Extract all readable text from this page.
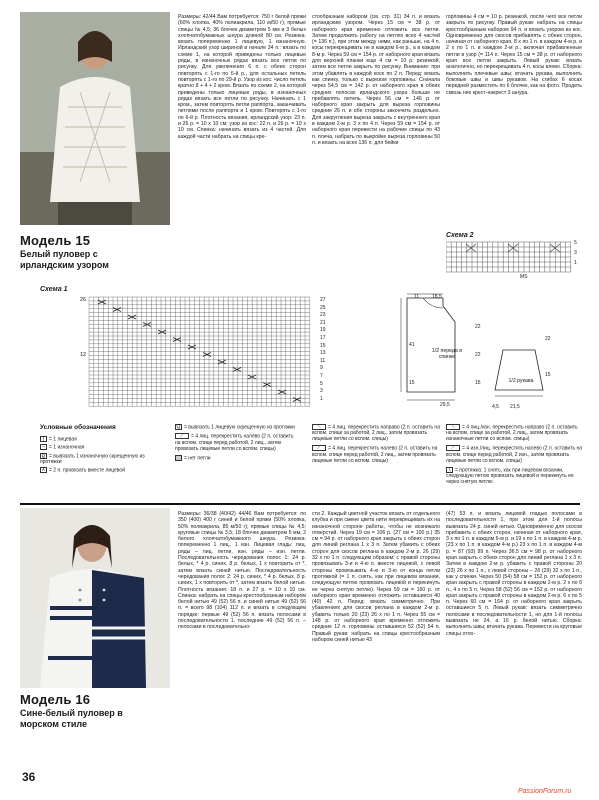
Модель 15
Белый пуловер с ирландским узором
Размеры: 42/44 Вам потребуется: 750 г белой пряжи (60% хлопка, 40% полиакрила, 110 м/50 г); прямые спицы № 4,5; 36 блочек диаметром 5 мм и 3 белых хлопчатобумажных шнура длиной 80 см. Резинка: вязать попеременно 1 лицевую, 1 изнаночную. Ирландский узор шириной в начале 34 п.: вязать по схеме 1, на которой приведены только лицевые ряды, в изнаночных рядах вязать все петли по рисунку. Для увеличения 6 п. с обеих сторон повторять с 1-го по 6-й р., для остальных петель повторять с 1-го по 29-й р. Узор из кос: число петель кратно 8 + 4 + 2 кром. Вязать по схеме 2, на которой приведены только лицевые ряды, в изнаночных рядах вязать все петли по рисунку. Начинать с 1 кром., затем повторять петли раппорта, заканчивать петлями после раппорта и 1 кром. Повторять с 1-го по 6-й р. Плотность вязания, ирландский узор: 23 п. и 26 р. = 10 х 10 см; узор из кос: 22 п. и 26 р. = 10 х 10 см. Спинка: начинать вязать из 4 частей. Для каждой части набрать на спицы кре-
стообразным набором (см. стр. 31) 34 п. и вязать ирландским узором. Через 15 см = 38 р. от наборного края временно отложить все петли. Затем продолжить работу на петлях всех 4 частей (= 136 п.), при этом между ними, как раньше, на 4 п. косы перекрещивать не в каждом 6-м р., а в каждом 8-м р. Через 59 см = 154 р. от наборного края вязать для верхней планки еще 4 см = 10 р. резинкой, затем все петли закрыть по рисунку. Внимание: при этом убавлять в каждой косе по 2 п. Перед: вязать как спинку, только с вырезом горловины. Сначала через 54,5 см = 142 р. от наборного края в обеих средних полосах ирландского узора больше не прибавлять петель. Через 56 см = 146 р. от наборного края закрыть для выреза горловины средние 26 п. и обе стороны закончить раздельно. Для закругления выреза закрыть с внутреннего края в каждом 2-м р. 3 х по 4 п. Через 59 см = 154 р. от наборного края перевести на рабочие спицы по 43 п. плеча, набрать по выкройке выреза горловины 50 п. и вязать на всех 136 п. для бейки
горловины 4 см = 10 р. резинкой, после чего все петли закрыть по рисунку. Правый рукав: набрать на спицы крестообразным набором 94 п. и вязать узором из кос. Одновременно для скосов прибавлять с обеих сторон, начиная от наборного края, 8 х по 1 п. в каждом 4-м р. и 2 х по 1 п. в каждом 2-м р., включая прибавленные петли в узор (= 114 п. Через 15 см = 38 р. от наборного края все петли закрыть. Левый рукав: вязать аналогично, но перекрещивать 4 п. косы влево. Сборка: выполнить плечевые швы; втачать рукава, выполнить боковые швы и швы рукавов. На сгибах 6 косах передней разместить по 6 блочек, как на фото. Продеть сквозь них крест-накрест 3 шнура.
Схема 2
5
3
1
MS
Схема 1
26
12
27
25
23
21
19
17
15
13
11
9
7
5
3
1
11	18,5
22
22
15
41
15
29,5
22
15
4,5 21,5
1/2 переда и спинки
1/2 рукава
Условные обозначения
| = 1 лицевая
– = 1 изнаночная
ϱ = вывязать 1 изнаночную скрещенную из протяжки
∧ = 2 п. провязать вместе лицевой
Q = вывязать 1 лицевую скрещенную из протяжки
⟋ = 4 лиц. перекрестить налево (2 п. оставить на вспом. спице перед работой, 2 лиц., затем провязать лицевые петли со вспом. спицы)
= нет петли
⟍ = 4 лиц. перекрестить направо (2 п. оставить на вспом. спице за работой, 2 лиц., затем провязать лицевые петли со вспом. спицы)
⟋ = 4 лиц. перекрестить налево (2 п. оставить на вспом. спице перед работой, 2 лиц., затем провязать лицевые петли со вспом. спицы)
⟍ = 4 лиц./изн. перекрестить направо (2 п. оставить на вспом. спице за работой, 2 лиц., затем провязать изнаночные петли со вспом. спицы)
⟋ = 4 изн./лиц. перекрестить налево (2 п. оставить на вспом. спице перед работой, 2 изн., затем провязать лицевые петли со вспом. спицы)
∖ = протяжка: 1 снять, как при лицевом вязании, следующую петлю провязать лицевой и перекинуть ее через снятую петлю
Модель 16
Сине-белый пуловер в морском стиле
Размеры: 36/38 (40/42) 44/46 Вам потребуется: по 350 (400) 400 г синей и белой пряжи (50% хлопка, 50% полиакрила, 85 м/50 г); прямые спицы № 4,5; круговые спицы № 3,5; 18 блочек диаметром 5 мм, 2 белого хлопчатобумажного шнура. Резинка: попеременно 1 лиц., 1 изн. Лицевая гладь: лиц. ряды – лиц. петли, изн. ряды – изн. петли. Последовательность чередования полос 1: 24 р. белых, * 4 р. синих, 8 р. белых, 1 х повторить от *, затем вязать синей нитью. Последовательность чередования полос 2: 24 р. синих, * 4 р. белых, 8 р. синих, 1 х повторить от *, затем вязать белой нитью. Плотность вязания: 18 п. и 27 р. = 10 х 10 см. Спинка: набрать на спицы крестообразным набором белой нитью 49 (52) 56 п. и синей нитью 49 (52) 56 п. = всего 98 (104) 112 п. и вязать в следующем порядке: первые 49 (52) 56 п. вязать полосами в последовательности 1, последние 49 (52) 56 п. – полосами в последовательно-
сти 2. Каждый цветной участок вязать от отдельного клубка и при смене цвета нити перекрещивать их на изнаночной стороне работы, чтобы не возникало отверстий. Через 19 см = 106 р. (27 см = 100 р.) 35 см = 94 р. от наборного края закрыть с обеих сторон для линий реглана 1 х 3 п. Затем убавить с обеих сторон для скосов реглана в каждом 2-м р. 26 (29) 32 х по 1 п. следующим образом: с правой стороны провязывать 3-и и 4-ю п. вместе лицевой, с левой стороны провязывать 4-ю и 3-ю от конца петли протяжкой (= 1 п. снять, как при лицевом вязании, следующую петлю провязать лицевой и перекинуть ее через снятую петлю). Через 59 см = 160 р. от наборного края временно отложить оставшиеся 40 (40) 42 п. Перед: вязать симметрично. При убавлениях для скосов реглана в каждом 2-м р. убавить только 20 (23) 26 х по 1 п. Через 55 см = 148 р. от наборного края временно отложить средние 12 п. горловины оставшиеся 52 (52) 54 п. Правый рукав: набрать на спицы крестообразным набором синей нитью 43
(47) 53 п. и вязать лицевой гладью полосами в последовательности 1, при этом для 1-й полосы вывязать 24 р. синей нитью. Одновременно для скосов прибавить с обеих сторон, начиная от наборного края, 3 х по 1 п. в каждом 6-м р. и 19 х по 1 п. в каждом 4-м р. (23 х по 1 п. в каждом 4-м р.) 23 х по 1 п. в каждом 4-м р. = 87 (93) 99 п. Через 36,5 см = 98 р. от наборного края закрыть с обеих сторон для линий реглана 1 х 3 п. Затем в каждом 2-м р. убавить с правой стороны 20 (23) 26 х по 1 п., с левой стороны – 26 (29) 32 х по 1 п., как у спинки. Через 50 (54) 58 см = 152 р. от наборного края закрыть с правой стороны в каждом 2-м р. 2 х по 6 п., 4 х по 5 п. Через 58 (52) 56 см = 152 р. от наборного края закрыть с правой стороны в каждом 2-м р. 6 х по 5 п. Через 60 см = 164 р. от наборного края закрыть оставшиеся 5 п. Левый рукав: вязать симметрично полосами в последовательности 1, но для 1-й полосы вывязать не 24, а 16 р. белой нитью. Сборка: выполнить швы; втачать рукава. Перевести на круговые спицы отло-
36
PassionForum.ru
